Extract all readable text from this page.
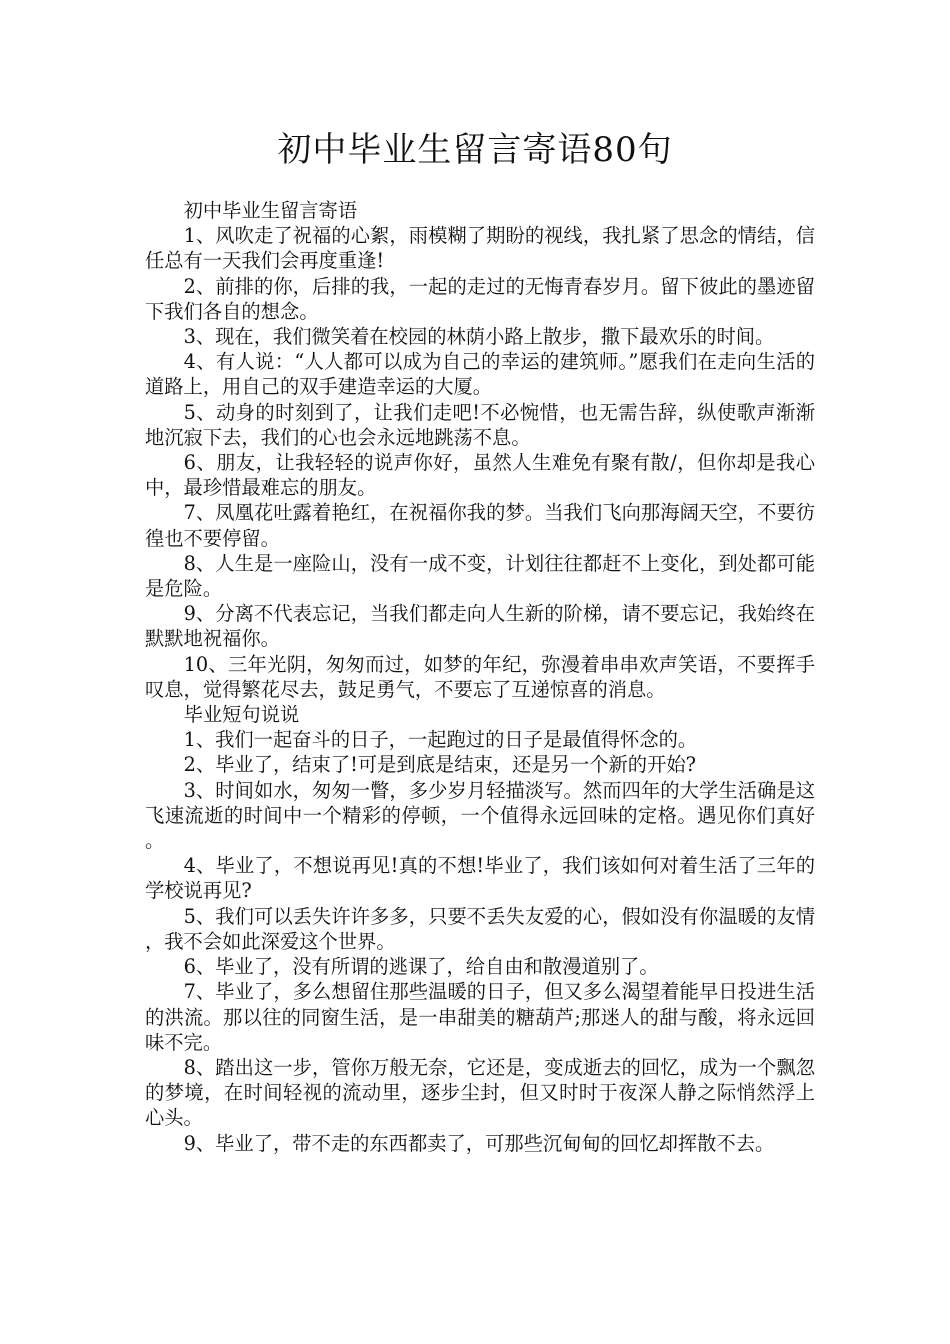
初中毕业生留言寄语80句

初中毕业生留言寄语

1、风吹走了祝福的心絮，雨模糊了期盼的视线，我扎紧了思念的情结，信任总有一天我们会再度重逢!

2、前排的你，后排的我，一起的走过的无悔青春岁月。留下彼此的墨迹留下我们各自的想念。

3、现在，我们微笑着在校园的林荫小路上散步，撒下最欢乐的时间。

4、有人说：“人人都可以成为自己的幸运的建筑师。”愿我们在走向生活的道路上，用自己的双手建造幸运的大厦。

5、动身的时刻到了，让我们走吧!不必惋惜，也无需告辞，纵使歌声渐渐地沉寂下去，我们的心也会永远地跳荡不息。

6、朋友，让我轻轻的说声你好，虽然人生难免有聚有散/，但你却是我心中，最珍惜最难忘的朋友。

7、凤凰花吐露着艳红，在祝福你我的梦。当我们飞向那海阔天空，不要彷徨也不要停留。

8、人生是一座险山，没有一成不变，计划往往都赶不上变化，到处都可能是危险。

9、分离不代表忘记，当我们都走向人生新的阶梯，请不要忘记，我始终在默默地祝福你。

10、三年光阴，匆匆而过，如梦的年纪，弥漫着串串欢声笑语，不要挥手叹息，觉得繁花尽去，鼓足勇气，不要忘了互递惊喜的消息。

毕业短句说说

1、我们一起奋斗的日子，一起跑过的日子是最值得怀念的。

2、毕业了，结束了!可是到底是结束，还是另一个新的开始?

3、时间如水，匆匆一瞥，多少岁月轻描淡写。然而四年的大学生活确是这飞速流逝的时间中一个精彩的停顿，一个值得永远回味的定格。遇见你们真好。

4、毕业了，不想说再见!真的不想!毕业了，我们该如何对着生活了三年的学校说再见?

5、我们可以丢失许许多多，只要不丢失友爱的心，假如没有你温暖的友情，我不会如此深爱这个世界。

6、毕业了，没有所谓的逃课了，给自由和散漫道别了。

7、毕业了，多么想留住那些温暖的日子，但又多么渴望着能早日投进生活的洪流。那以往的同窗生活，是一串甜美的糖葫芦;那迷人的甜与酸，将永远回味不完。

8、踏出这一步，管你万般无奈，它还是，变成逝去的回忆，成为一个飘忽的梦境，在时间轻视的流动里，逐步尘封，但又时时于夜深人静之际悄然浮上心头。

9、毕业了，带不走的东西都卖了，可那些沉甸甸的回忆却挥散不去。
